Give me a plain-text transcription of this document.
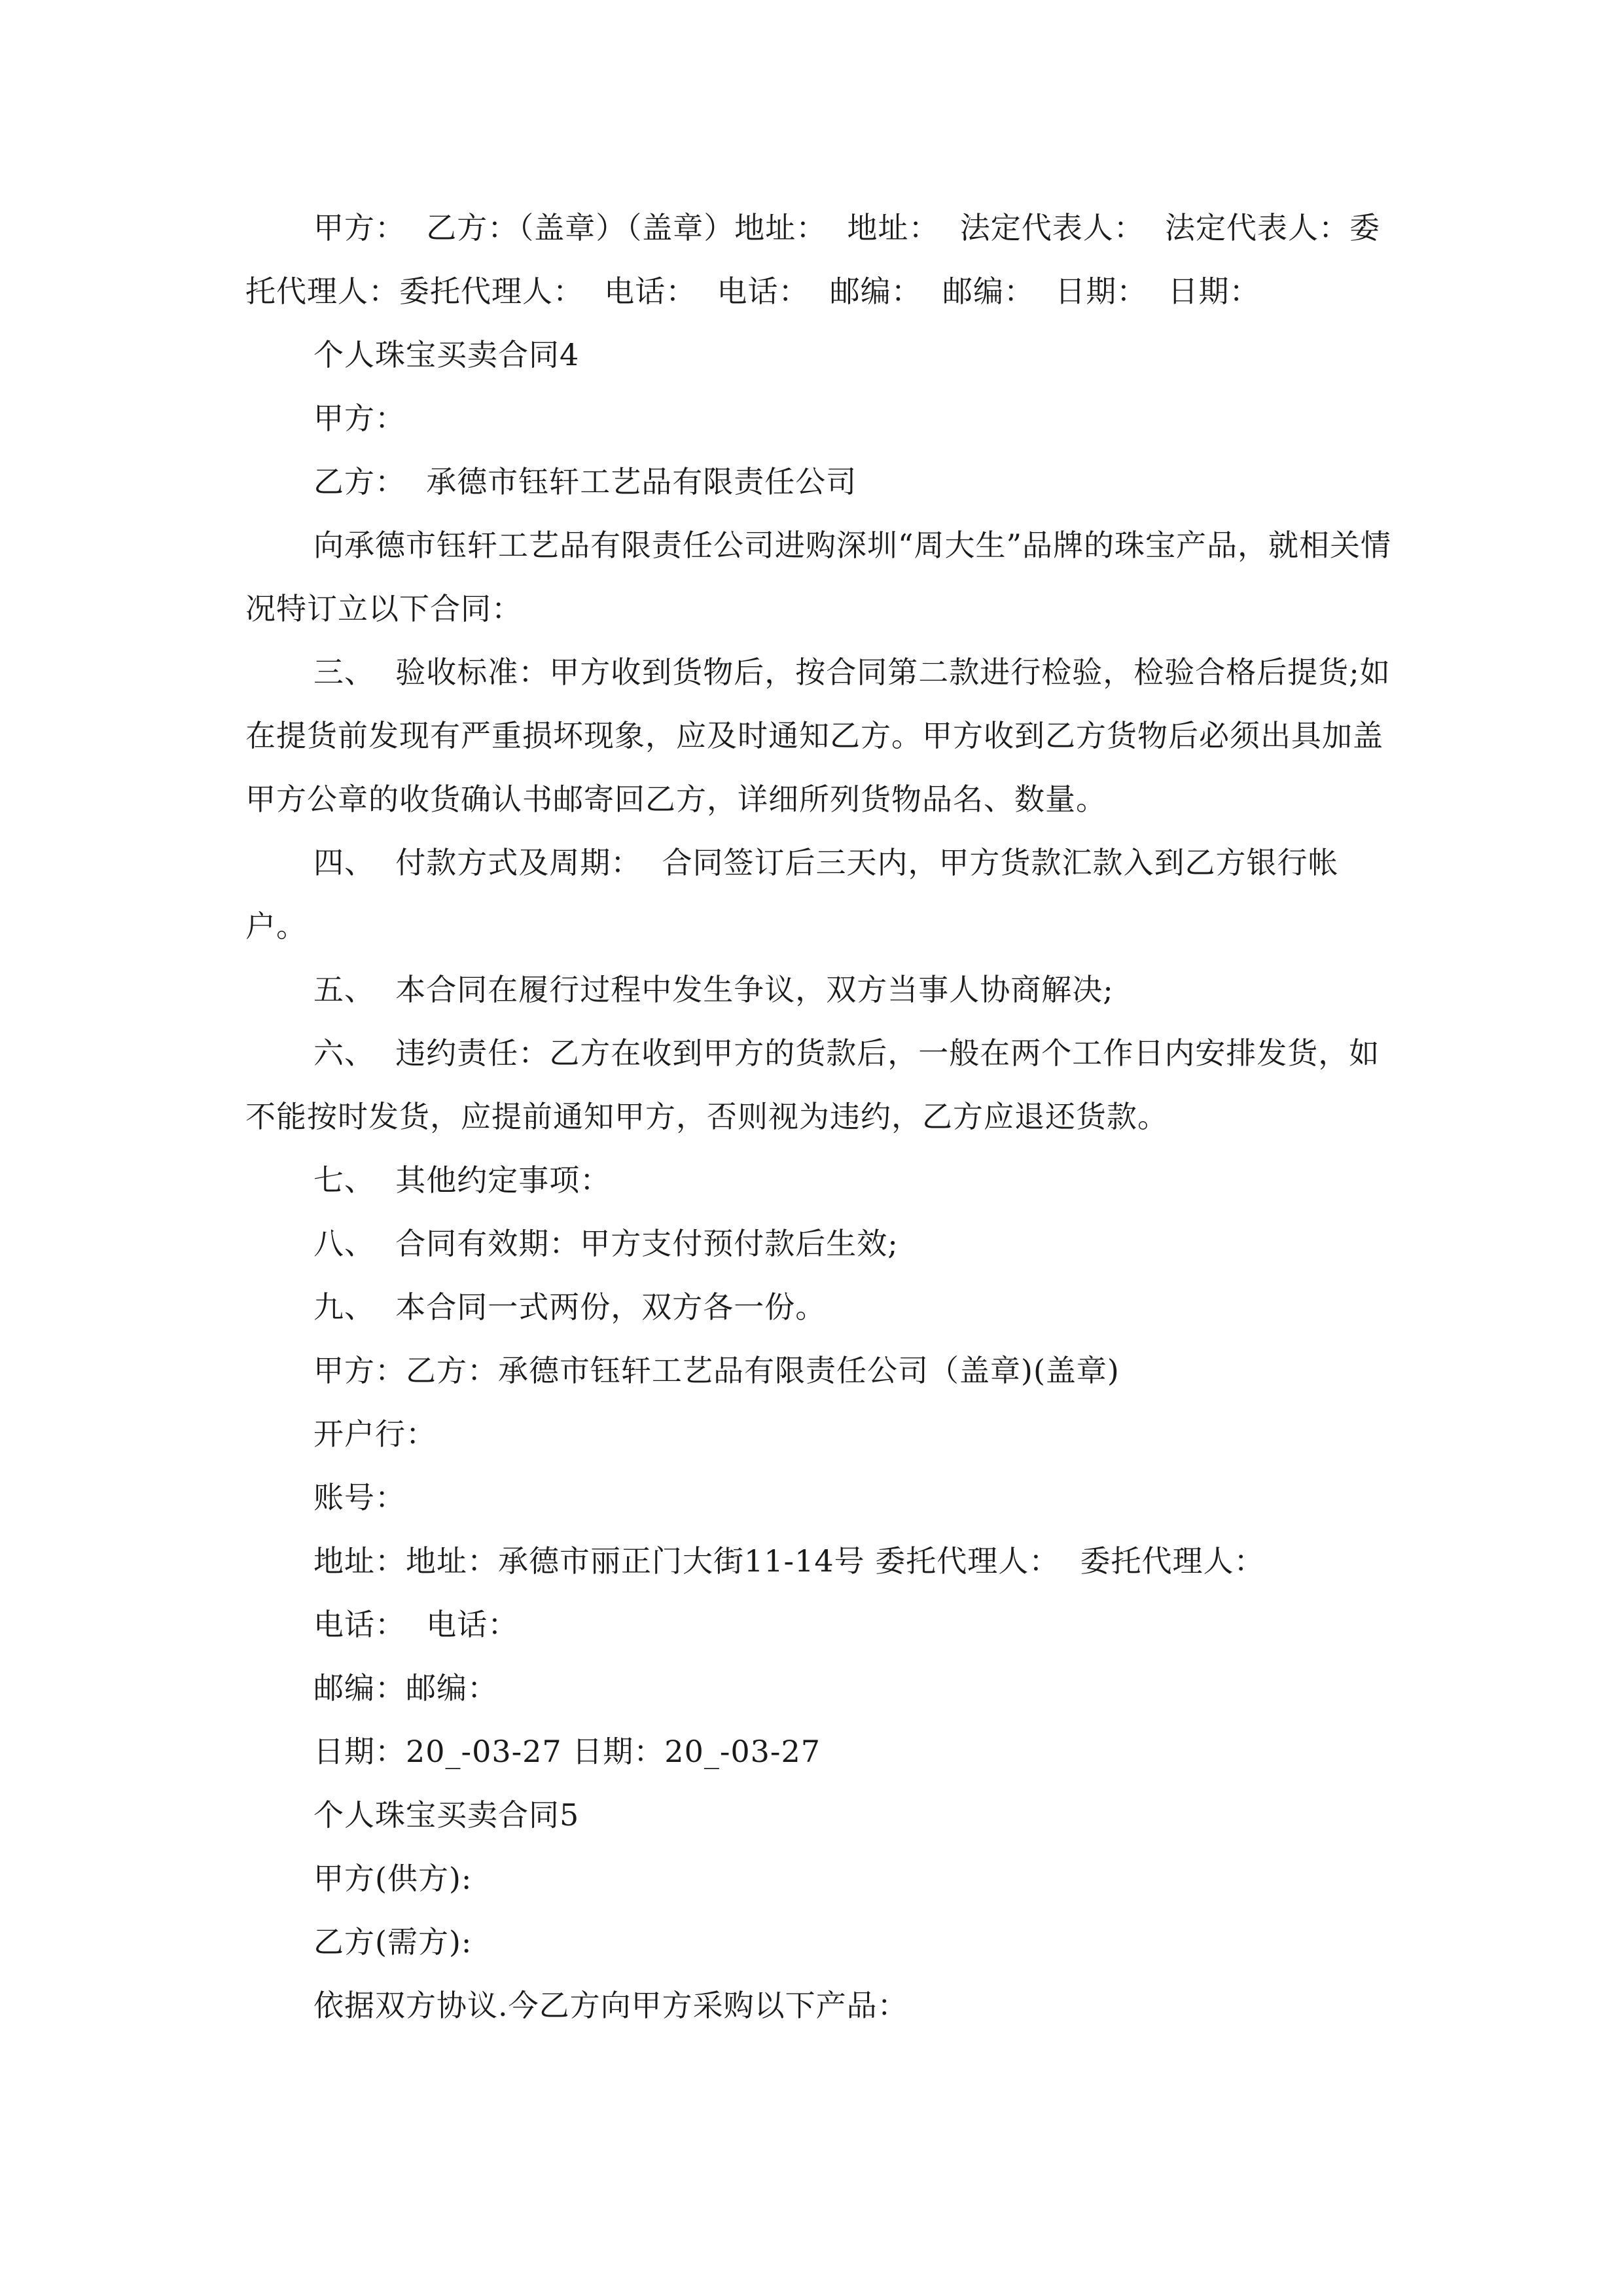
甲方：  乙方：（盖章）（盖章）地址：  地址：  法定代表人：  法定代表人：委托代理人：委托代理人：  电话：  电话：  邮编：  邮编：  日期：  日期：

个人珠宝买卖合同4

甲方：

乙方：  承德市钰轩工艺品有限责任公司

向承德市钰轩工艺品有限责任公司进购深圳“周大生”品牌的珠宝产品，就相关情况特订立以下合同：

三、  验收标准：甲方收到货物后，按合同第二款进行检验，检验合格后提货;如在提货前发现有严重损坏现象，应及时通知乙方。甲方收到乙方货物后必须出具加盖甲方公章的收货确认书邮寄回乙方，详细所列货物品名、数量。

四、  付款方式及周期：  合同签订后三天内，甲方货款汇款入到乙方银行帐户。

五、  本合同在履行过程中发生争议，双方当事人协商解决;

六、  违约责任：乙方在收到甲方的货款后，一般在两个工作日内安排发货，如不能按时发货，应提前通知甲方，否则视为违约，乙方应退还货款。

七、  其他约定事项：

八、  合同有效期：甲方支付预付款后生效;

九、  本合同一式两份，双方各一份。

甲方：乙方：承德市钰轩工艺品有限责任公司（盖章)(盖章)

开户行：

账号：

地址：地址：承德市丽正门大街11-14号 委托代理人：  委托代理人：

电话：  电话：

邮编：邮编：

日期：20_-03-27 日期：20_-03-27

个人珠宝买卖合同5

甲方(供方):

乙方(需方):

依据双方协议.今乙方向甲方采购以下产品：
